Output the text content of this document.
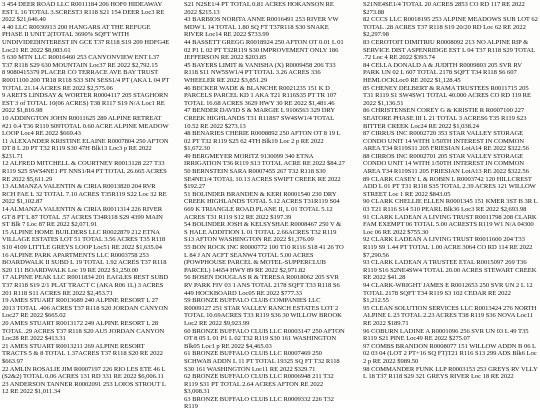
3 454 DEER ROAD LLC R0011184 206 HOF0 HIDEAWAY EST L 16 TOTAL 3.SCREST3 R118 S21 154 DEER Loc3 RE 2022 $21,646.40

4 40 LLC R0036913 200 HANGARS AT THE REFUGE PHASE II UNIT 2(TOTAL 3690% SQFT WITH UNDIVIDEDINTEREST IN GCE T37 R118 S19 209 HDFG4E Loc21 RE 2022 $8,083.61

5 630 MTN LLC R0016460 253 CANYONVIEW ENT L37 T37 R118 S29 630 MOUNTAIN Loc37 RE 2022 $2,792.15

8 9080415379 PLACER CO TERRACE AVE BAY TRUST R0011100 200 TR18 R118 S33 SIN SESS1/4 PT (AKA L 04 PT TOTAL 21.14 ACRES RE 2022 $2,575.06

9 ARETS LINDSAY & WORTER R0004117 205 STAGHORN EST 3 of TOTAL 10(06 ACRES) T38 R117 S19 N/A Loc1 RE 2022 $1,816.98

10 ADDINGTON JOHN R0011625 289 ALPINE RETREAT #21 0.4 T36 R119 S09TOTAL 0.60 ACRE ALPINE MEADOW LOOP Loc4 RE 2022 $669.43

11 ALEXANDER KRISTINE ELAINE R0007804 250 AFTON DT 8 L 20 PT T32 R119 S30 47H Blk13 Loc3 p RE 2022 $231.71

12 ALFRED MITCHELL & COURTNEY R0013128 227 T33 R119 S25 SWS4NE1 PT NNS1/R4 PT TOTAL 26.665 ACRES RE 2022 $5,611.29

13 ALMANZA VALENTIN & CIRIA R0013820 204 RVR RCH FAE L 32 TOTAL 7.10 ACRES T35R119 S22 Loc 32 RE 2022 $1,102.87

14 ALMANZA VALENTIN & CIRIA R0011314 226 RIVER GT 8 PT L 87 TOTAL .57 ACRES T34R118 S29 4399 MAIN ST Blk 7 Loc 87 RE 2022 $2,071.91

15 ALPINE HOME BUILDERS LLC R0022879 212 ETNA VILLAGE ESTATES LOT 51 TOTAL 3.56 ACRES T35 R118 S10 4109 LITTLE GREYS LOOP Loc51 RE 2022 $1,635.04

16 ALPINE PARK APARTMENTS LLC R0003758 253 BOARDWALK II SUBD L 19 TOTAL 1.92 ACRES T37 R118 S20 111 BOARDWALK Loc 19 RE 2022 $1,250.00

17 ALPINE PEAK LLC R0011834 201 EAGLES REST SUBD T37 R118 S19 2/1 PLAT TRACT C (AKA R06 1L) 3 ACRES 201 R118 S11 ACRES RE 2022 $2,453.71

19 AMES STUART R0013689 240 ALPINE RESORT L 27 2013 TOTAL .406 ACRES T37 R118 S20 JORDAN CANYON Loc27 RE 2022 $665.02

20 AMES STUART R0013172 249 ALPINE RESORT L 28 TOTAL .29 ACRES T37 R118 S20 AU5 JORDAN CANYON Loc28 RE 2022 $413.31

21 AMES STUART R0013211 269 ALPINE RESORT TRACTS 5 & 8 TOTAL 1.37ACRES T37 R118 S20 RE 2022 $663.97

22 AMLIN ROSALIE JIM R0007197 226 RIO LES ETE 46 L (S2&2) TOTAL 0.06 ACRES 131 RD 331 RE 2022 $6,006.11

23 ANDERSON TANNER R0002091 253 LOIOS STROUT L 12 RE 2022 $1,011.34

S21 N2SE1/4 PT TOTAL 0.81 ACRES HOKANSON RE 2022 $215.13

43 BARBIOS NORITA ANNE R0016491 253 RIVER VW MDW L 14 TOTAL 1.80 SQ FT T37R118 S30 SNAKE RIVER Loc14 RE 2022 $733.99

44 BASSETT GREGG R0018924 250 AFTON OT 0.01 L 01 02 P1 L 02 PT T32R119 S30 IMPROVEMENT ONLY 186 JEFFERSON RE 2022 $203.85

45 BAYERS LIMIT & VANISHA (X) R0009458 206 T33 R118 S11 NW5SW1/4 PT TOTAL 3.26 ACRES 336 WHEELER RE 2022 $3,851.29

46 BECKER WADE & BLANCHE R0021235 151 K D PARCELS PARCEL KD 1 AKA T21 R116S35 PT TR 107 TOTAL 16.68 ACRES 3629 HWY 30 RE 2022 $1,481.46

47 BENDER DAVID S & MARGIE L 9106563 329 DRY CREEK HIGHLANDS T31 R118S7 SW4SW1/4 TOTAL 10.52 RE 2022 $273.13

48 BENARIES CHERIE R0008892 250 AFTON OT 8 19 L 02 PT T32 R119 S25 62 4TH Blk19 Loc 2 p RE 2022 $1,672.30

49 BERGMEYER MORITZ 9130099 340 ETNA IRRIGATION T36 R119 S13 TOTAL ACRE RE 2022 $84.27

50 BERNSTEIN SARA R0007455 267 T32 R118 S30 SE4NE1/4 TOTAL 10.13 ACRES SWIFT CREEK RE 2022 $192.27

51 BOLINDER BRANDEN & KERI R0001540 230 DRY CREEK HIGHLANDS TOTAL 5.12 ACRES T31R119 S04 669 K TRIANGLE ROAD PLANE II, L 01 TOTAL 5.12 ACRES T31 R119 S12 RE 2022 $197.39

54 BOLINDER JOSH & KELSYSHAE R0008467 250 V & S HALE ADDITION L 01 TOTAL 2.66ACRES T32 R119 S13 AFTON WASHINGTON RE 2022 $1,376.09

55 BON ROCK INC R0000772 100 T10 R116 S18 41 26 TO L 84 J AN ACFT SEANW4 TOTAL 5.00 ACRES (POWPHOUSE PARCEL & MOTEL-SUPPERCLUB PARCEL) 14654 HWY 89 RE 2022 $2,971.82

56 BOSEN DOUGLAS R & TERESA R0018062 205 SVR RV PARK FIV 03 1 ANS TOTAL 2178 SQFT T33 R118 S6 449 HOCKBOARD Loc05 RE 2022 $777.33

59 BRONZE BUFFALO CLUB COMPANIES LLC R0009127 251 STAR VALLEY RANCH ESTATES LOT 2 TOTAL 10.69ACRES T33 R119 S36 30 WILLOW BROOK Loc2 RE 2022 $9,923.99

60 BRONZE BUFFALO CLUB LLC R0003147 250 AFTON OT 8 05 L 01 P1 L 02 T32 R119 S30 161 WASHINGTON Blk05 Loc1 p RE 2022 $4,465.03

61 BRONZE BUFFALO CLUB LLC R0007469 250 SCHWAB ADDN L 11 PT TOTAL 19325 SQ FT T32 R118 S30 161 WASHINGTON Loc11 RE 2022 $329.71

62 BRONZE BUFFALO CLUB LLC R0006948 211 T32 R119 S31 PT TOTAL 2.64 ACRES AFTON RE 2022 $3,008.31

63 BRONZE BUFFALO CLUB LLC R0009332 226 T32 R119

S21NE4SE1/4 TOTAL 20 ACRES 2853 CO RD 117 RE 2022 $273.88

82 CCCS LLC R0018195 253 ALPINE MEADOWS SUB LOT 62 TOTAL .28 ACRES T37 R118 S19 20/20 RD Loc 62 RE 2022 $2,297.98

83 CEROTOIT DIMITRIU R0008092 213 NO ALPINE RIP & SERVICE DIST ASPENRIDGE EST L 04 T37 R118 S29 TOTAL .72 Loc 4 RE 2022 $393.74

84 CELLA DONALD A & JUDITH R0009803 205 SVR RV PARK UN 02 L 607 TOTAL 2178 SQFT T34 R118 S6 607 HEMLOCKLoc0 RE 2022 $1,128.45

85 CHENEY DELBERT & RAMA TRUSTEES R0011715 205 T31 R119 S1 SW4SW1 TOTAL 40.000 ACRES CO RD 119 RE 2022 $1,136.51

86 CHRISTENSEN COREY G & KRISTIE R R0007100 227 SEATORE PHASE III L 21 TOTAL 3 ACRES6 T35 R119 S23 BITTER CREEK Loc24 RE 2022 $1,038.24

87 CIRRUS INC R0002720 353 STAR VALLEY STORAGE CONDO UNIT 14 WITH 1/50TH INTEREST IN COMMON AREA T34 R119S11 205 FRIESIAN LotA14 RE 2022 $322.56

88 CIRROS INC R0002701 205 STAR VALLEY STORAGE CONDO UNIT 14 WITH 1/50TH INTEREST IN COMMON AREA T34 R119S11 205 FRIESIAN LotA13 RE 2022 $322.56

89 CLARK CASEY L & ROBIN L R0003742 120 HILLCREST ADD L 01 PT T31 R118 S35 TOTAL 2.39 ACRES 121 WILLOW STREET Loc 1 RE 2022 $843.05

90 CLARK CHELLIE ELLEN R0001345 151 KMER 3ST B 3R L 03 T21 R116 S14 510 PEARL Blk36 Loc3 RE 2022 $2,693.98

91 CLARK LADEAN A LIVING TRUST R0011798 208 CLARK FAM EXEMPT 06 TOTAL 5.00 ACRESTS R119 W1 N/A 04300 Loc 06 RE 2022 $755.30

92 CLARK LADEAN A LIVING TRUST R0011600 204 T33 R119 S9 1.44 PT TOTAL 1.00 ACRE 3064 CO RD 114 RE 2022 $7,290.56

93 CLARK LADEAN A TRUSTEE ETAL R0015097 269 T36 R119 S16 S2NE4SW4 TOTAL 20.00 ACRES STEWART CREEK RE 2022 $41.28

94 CLARK-WRIGHT JAMES E R0012653 250 SVR UN 2 L 12 TOTAL 2178 SQFT T34 R119 S3 102 CEDAR RE 2022 $1,212.55

95 CLEAN SOLUTION SERVICES LLC R0013424 276 NORTH ALPINE L 23 TOTAL 2.23 ACRES T38 R119 S36 NOVA Loc11 RE 2022 $189.71

96 COBURN LADINE A R0001096 256 SVR UN 03 L 49 T35 R119 S21 PINE Loc49 RE 2022 $275.07

97 COMBS BRANDON R0008077 151 WILLOW ADDN B 06 L 02 03 04 (LOT 2 PT+16 SQ FT)T21 R116 S13 299 ADS Blk6 Loc 2 p RE 2022 $989.50

98 COMMANDER FUNK LLP R0003153 253 GREYS RV VLLY L 18 T37 R118 S29 321 GREYS RIVER Loc 18 RE 2022
